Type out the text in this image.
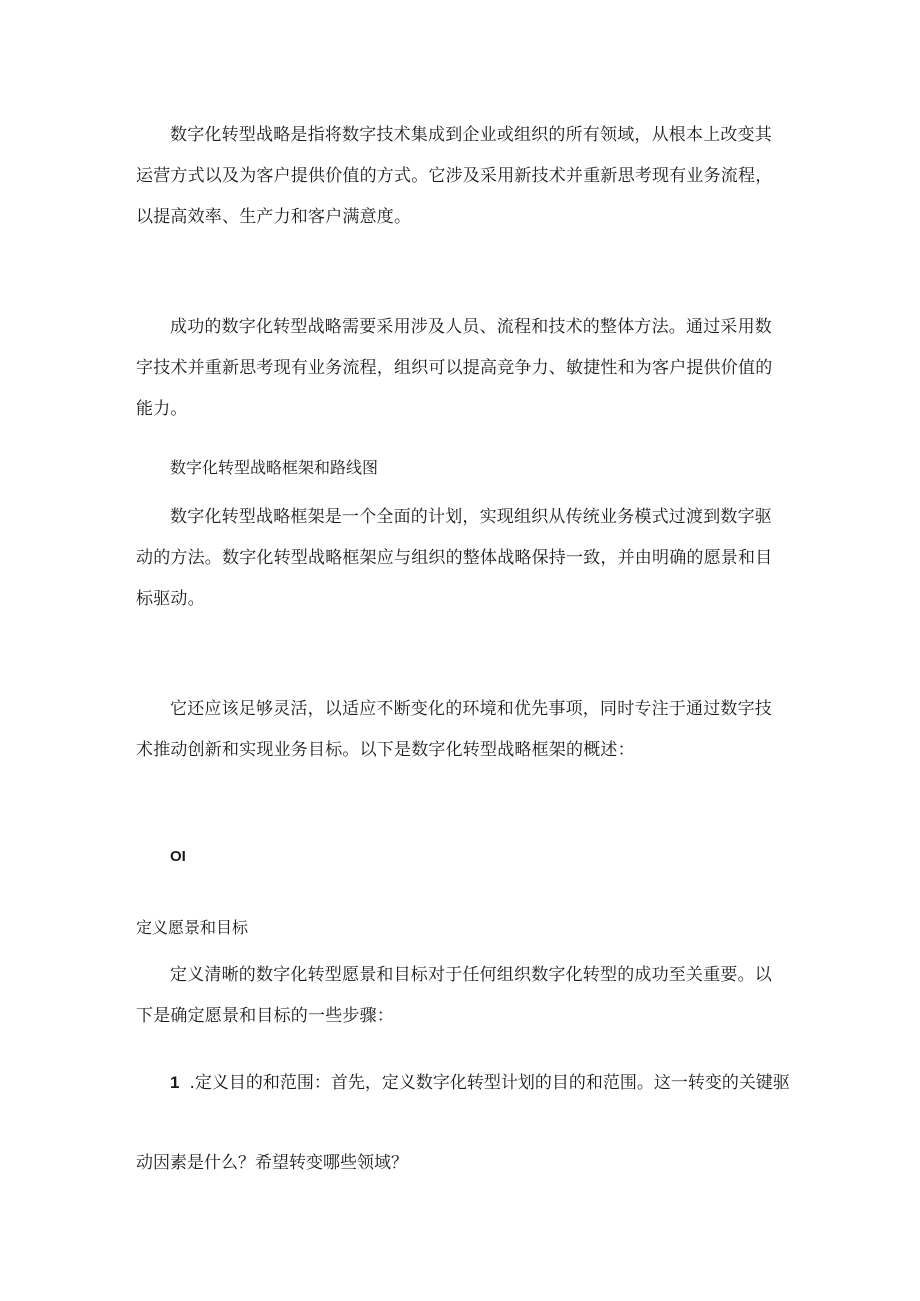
数字化转型战略是指将数字技术集成到企业或组织的所有领域，从根本上改变其运营方式以及为客户提供价值的方式。它涉及采用新技术并重新思考现有业务流程，以提高效率、生产力和客户满意度。

成功的数字化转型战略需要采用涉及人员、流程和技术的整体方法。通过采用数字技术并重新思考现有业务流程，组织可以提高竞争力、敏捷性和为客户提供价值的能力。

数字化转型战略框架和路线图

数字化转型战略框架是一个全面的计划，实现组织从传统业务模式过渡到数字驱动的方法。数字化转型战略框架应与组织的整体战略保持一致，并由明确的愿景和目标驱动。

它还应该足够灵活，以适应不断变化的环境和优先事项，同时专注于通过数字技术推动创新和实现业务目标。以下是数字化转型战略框架的概述：

OI

定义愿景和目标

定义清晰的数字化转型愿景和目标对于任何组织数字化转型的成功至关重要。以下是确定愿景和目标的一些步骤：

1 .定义目的和范围：首先，定义数字化转型计划的目的和范围。这一转变的关键驱

动因素是什么？希望转变哪些领域？
